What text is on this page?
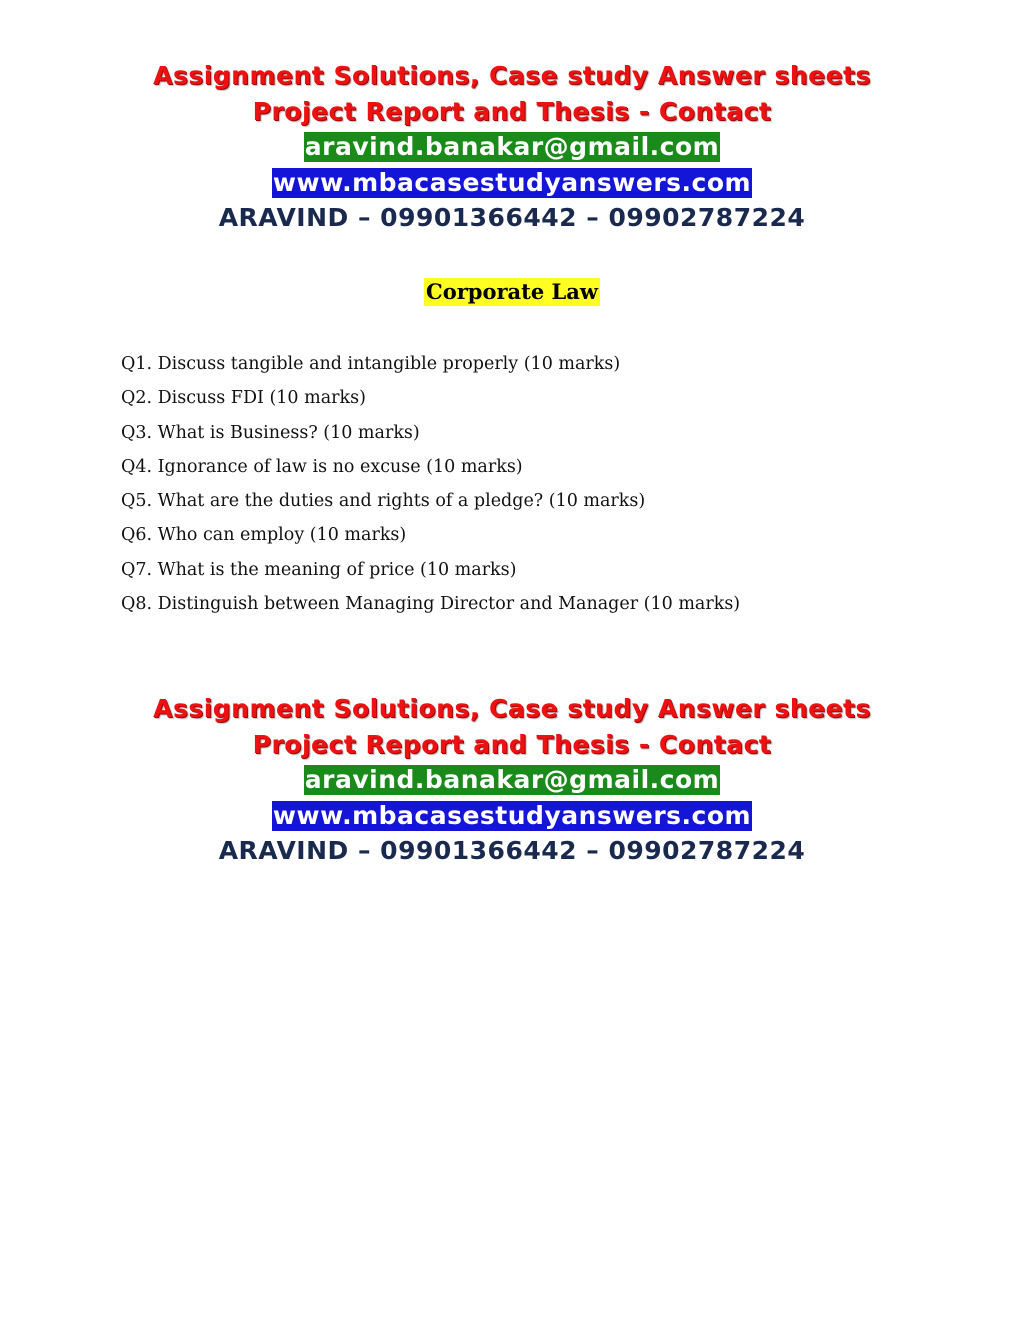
Assignment Solutions, Case study Answer sheets
Project Report and Thesis - Contact
aravind.banakar@gmail.com
www.mbacasestudyanswers.com
ARAVIND – 09901366442 – 09902787224
Corporate Law
Q1. Discuss tangible and intangible properly (10 marks)
Q2. Discuss FDI (10 marks)
Q3. What is Business? (10 marks)
Q4. Ignorance of law is no excuse (10 marks)
Q5. What are the duties and rights of a pledge? (10 marks)
Q6. Who can employ (10 marks)
Q7. What is the meaning of price (10 marks)
Q8. Distinguish between Managing Director and Manager (10 marks)
Assignment Solutions, Case study Answer sheets
Project Report and Thesis - Contact
aravind.banakar@gmail.com
www.mbacasestudyanswers.com
ARAVIND – 09901366442 – 09902787224
